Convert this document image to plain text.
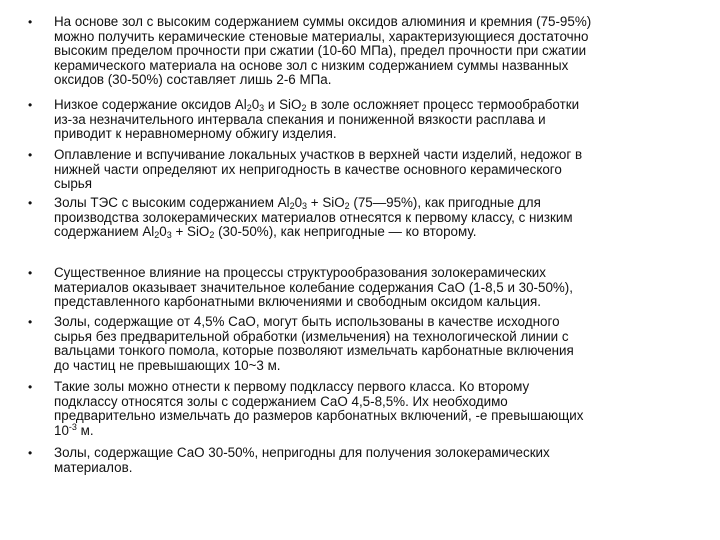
•	На основе зол с высоким содержанием суммы оксидов алюминия и кремния (75-95%)
можно получить керамические стеновые материалы, характеризующиеся достаточно
высоким пределом прочности при сжатии (10-60 МПа), предел прочности при сжатии
керамического материала на основе зол с низким содержанием суммы названных
оксидов (30-50%) составляет лишь 2-6 МПа.
•	Низкое содержание оксидов $Al_20_3$ и SiO$_2$ в золе осложняет процесс термообработки
из-за незначительного интервала спекания и пониженной вязкости расплава и
приводит к неравномерному обжигу изделия.
•	Оплавление и вспучивание локальных участков в верхней части изделий, недожог в
нижней части определяют их непригодность в качестве основного керамического
сырья
•	Золы ТЭС с высоким содержанием $Al_20_3 + SiO_2$ (75—95%), как пригодные для
производства золокерамических материалов отнесятся к первому классу, с низким
содержанием $Al_20_3 + SiO_2$ (30-50%), как непригодные — ко второму.
•	Существенное влияние на процессы структурообразования золокерамических
материалов оказывает значительное колебание содержания СаО (1-8,5 и 30-50%),
представленного карбонатными включениями и свободным оксидом кальция.
•	Золы, содержащие от 4,5% СаО, могут быть использованы в качестве исходного
сырья без предварительной обработки (измельчения) на технологической линии с
вальцами тонкого помола, которые позволяют измельчать карбонатные включения
до частиц не превышающих 10~3 м.
•	Такие золы можно отнести к первому подклассу первого класса. Ко второму
подклассу относятся золы с содержанием СаО 4,5-8,5%. Их необходимо
предварительно измельчать до размеров карбонатных включений, -е превышающих
$10^{-3}$ м.
•	Золы, содержащие СаО 30-50%, непригодны для получения золокерамических
материалов.
